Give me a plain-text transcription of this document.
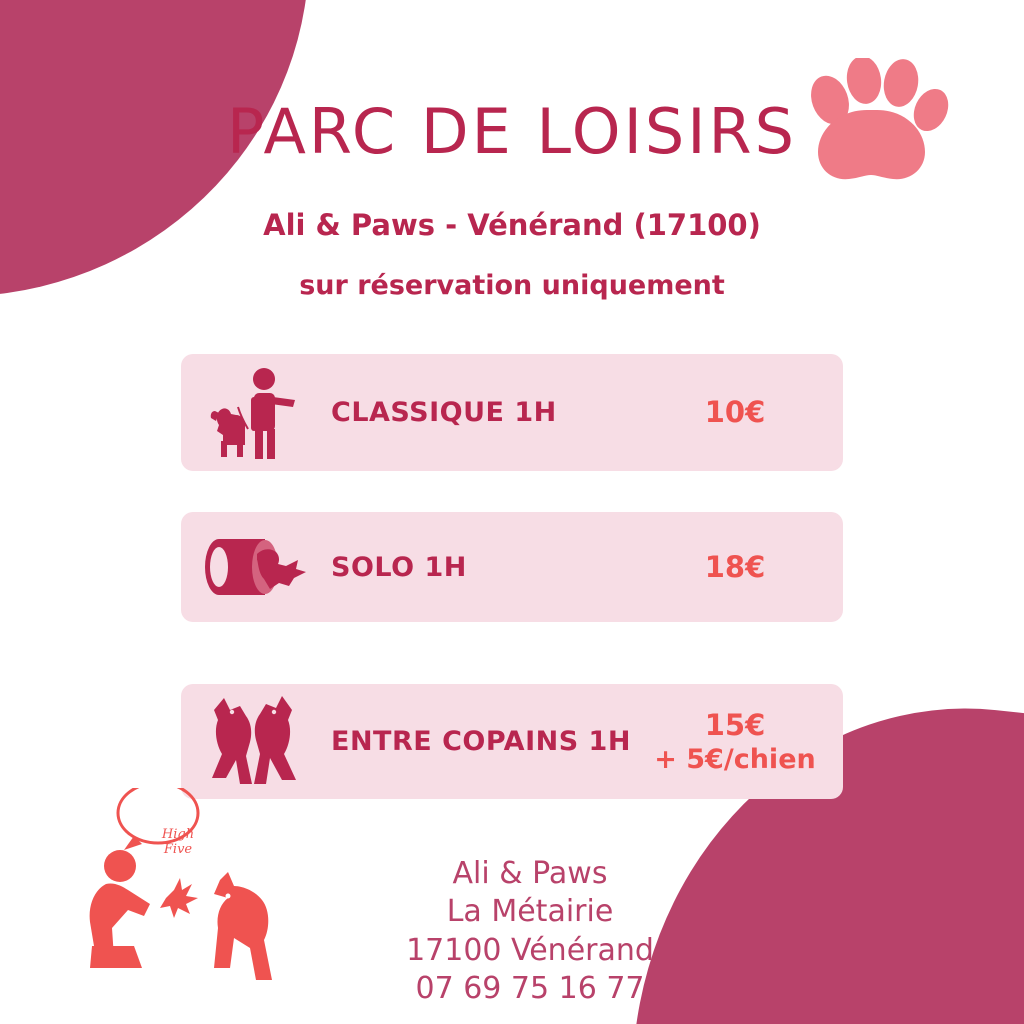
PARC DE LOISIRS
Ali & Paws - Vénérand (17100)
sur réservation uniquement
CLASSIQUE 1H	10€
SOLO 1H	18€
ENTRE COPAINS 1H	15€
+ 5€/chien
High Five
Ali & Paws
La Métairie
17100 Vénérand
07 69 75 16 77
